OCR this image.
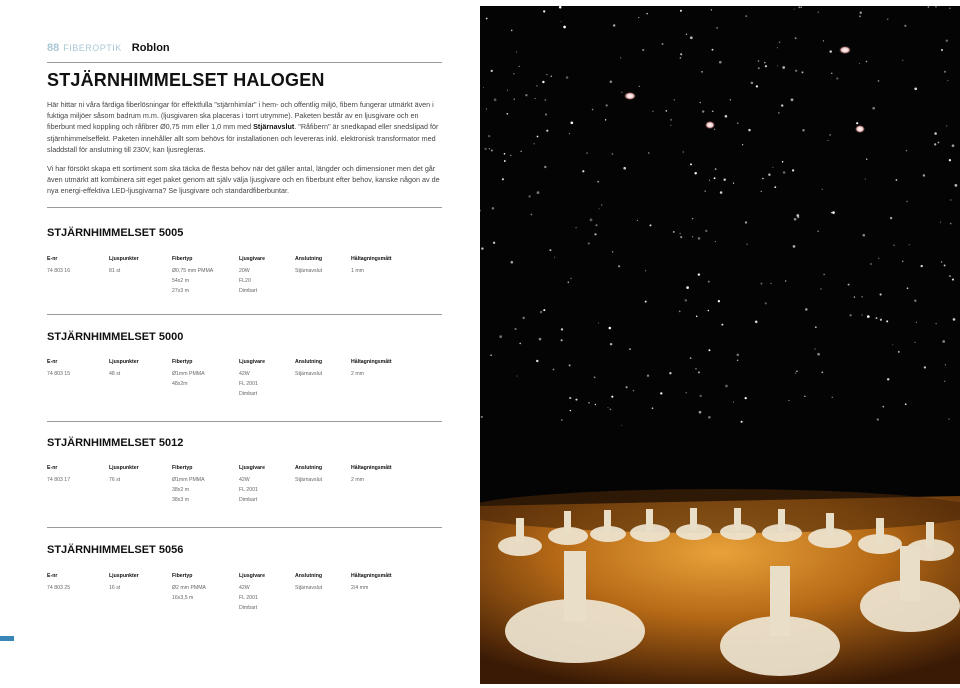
88 FIBEROPTIK Roblon
STJÄRNHIMMELSET HALOGEN

Här hittar ni våra färdiga fiberlösningar för effektfulla "stjärnhimlar" i hem- och offentlig miljö, fibern fungerar utmärkt även i fuktiga miljöer såsom badrum m.m. (ljusgivaren ska placeras i torrt utrymme). Paketen består av en ljusgivare och en fiberbunt med koppling och råfibrer Ø0,75 mm eller 1,0 mm med Stjärnavslut. "Råfibern" är snedkapad eller snedslipad för stjärnhimmelseffekt. Paketen innehåller allt som behövs för installationen och levereras inkl. elektronisk transformator med sladdstall för anslutning till 230V, kan ljusregleras.

Vi har försökt skapa ett sortiment som ska täcka de flesta behov när det gäller antal, längder och dimensioner men det går även utmärkt att kombinera sitt eget paket genom att själv välja ljusgivare och en fiberbunt efter behov, kanske någon av de nya energi-effektiva LED-ljusgivarna? Se ljusgivare och standardfiberbuntar.

STJÄRNHIMMELSET 5005
E-nr
74 803 16
Ljuspunkter
81 st
Fibertyp
Ø0,75 mm PMMA
54x2 m
27x3 m
Ljusgivare
20W
FL20
Dimbart
Anslutning
Stjärnavslut
Håltagningsmått
1 mm
STJÄRNHIMMELSET 5000
E-nr
74 803 15
Ljuspunkter
48 st
Fibertyp
Ø1mm PMMA
48x2m
Ljusgivare
42W
FL 2001
Dimbart
Anslutning
Stjärnavslut
Håltagningsmått
2 mm
STJÄRNHIMMELSET 5012
E-nr
74 803 17
Ljuspunkter
76 st
Fibertyp
Ø1mm PMMA
38x2 m
38x3 m
Ljusgivare
42W
FL 2001
Dimbart
Anslutning
Stjärnavslut
Håltagningsmått
2 mm
STJÄRNHIMMELSET 5056
E-nr
74 803 25
Ljuspunkter
16 st
Fibertyp
Ø2 mm PMMA
16x3,5 m
Ljusgivare
42W
FL 2001
Dimbart
Anslutning
Stjärnavslut
Håltagningsmått
2/4 mm
